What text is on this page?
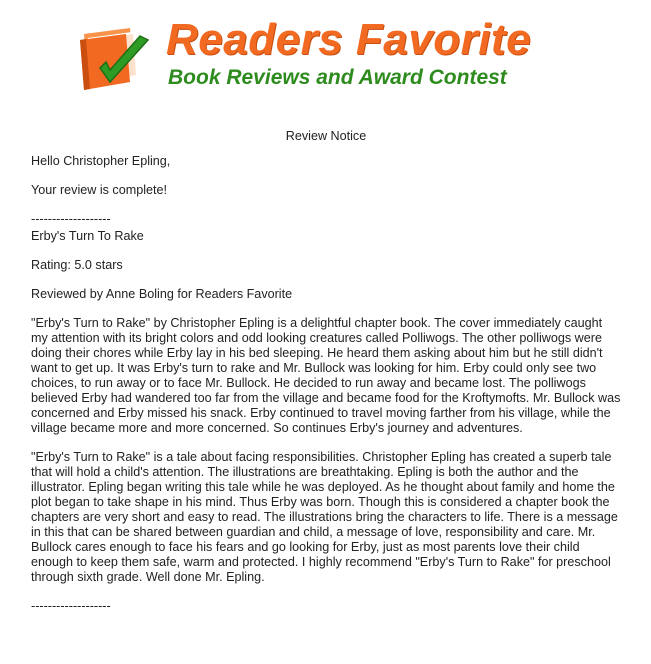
Readers Favorite
Book Reviews and Award Contest
Review Notice

Hello Christopher Epling,

Your review is complete!

-------------------

Erby's Turn To Rake

Rating: 5.0 stars

Reviewed by Anne Boling for Readers Favorite

"Erby's Turn to Rake" by Christopher Epling is a delightful chapter book. The cover immediately caught my attention with its bright colors and odd looking creatures called Polliwogs. The other polliwogs were doing their chores while Erby lay in his bed sleeping. He heard them asking about him but he still didn't want to get up. It was Erby's turn to rake and Mr. Bullock was looking for him. Erby could only see two choices, to run away or to face Mr. Bullock. He decided to run away and became lost. The polliwogs believed Erby had wandered too far from the village and became food for the Kroftymofts. Mr. Bullock was concerned and Erby missed his snack. Erby continued to travel moving farther from his village, while the village became more and more concerned. So continues Erby's journey and adventures.

"Erby's Turn to Rake" is a tale about facing responsibilities. Christopher Epling has created a superb tale that will hold a child's attention. The illustrations are breathtaking. Epling is both the author and the illustrator. Epling began writing this tale while he was deployed. As he thought about family and home the plot began to take shape in his mind. Thus Erby was born. Though this is considered a chapter book the chapters are very short and easy to read. The illustrations bring the characters to life. There is a message in this that can be shared between guardian and child, a message of love, responsibility and care. Mr. Bullock cares enough to face his fears and go looking for Erby, just as most parents love their child enough to keep them safe, warm and protected. I highly recommend "Erby's Turn to Rake" for preschool through sixth grade. Well done Mr. Epling.

-------------------
